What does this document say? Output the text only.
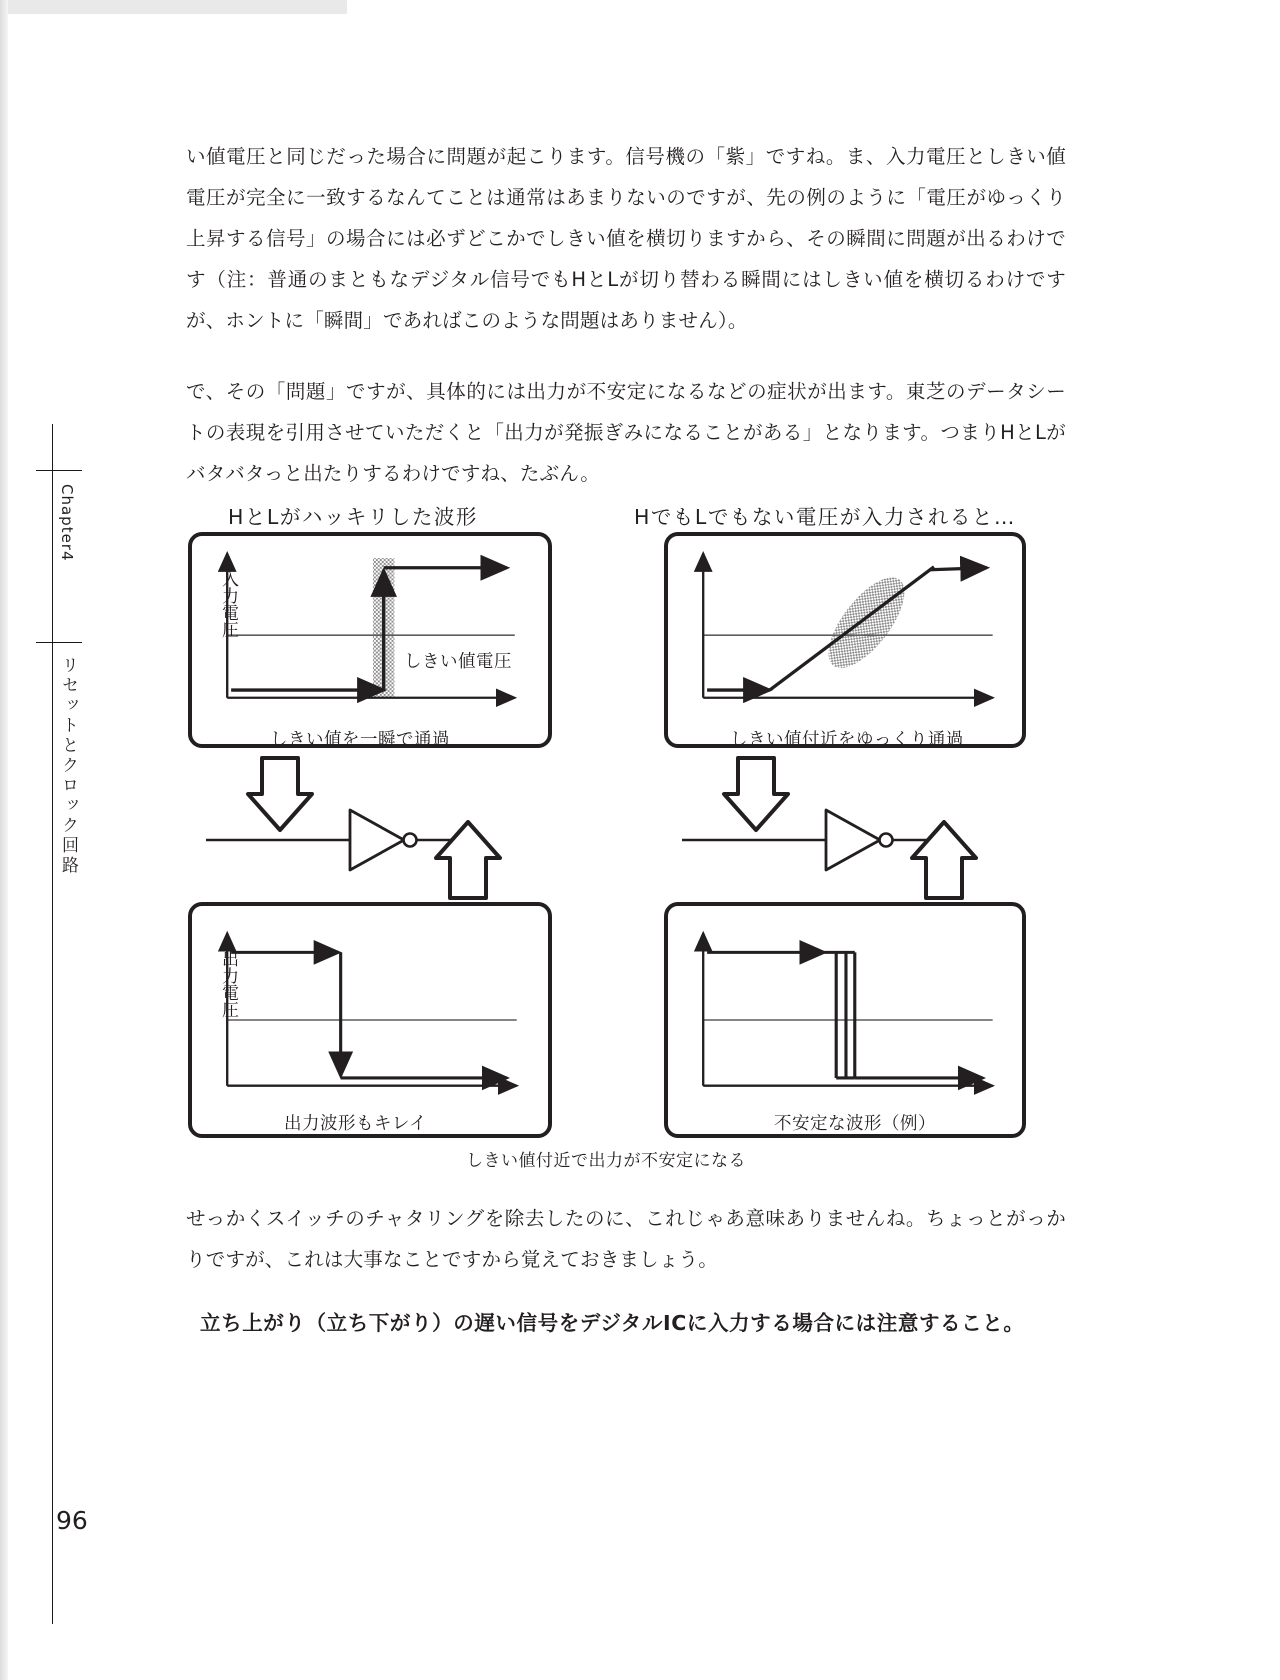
Chapter4
リセットとクロック回路
96

い値電圧と同じだった場合に問題が起こります。信号機の「紫」ですね。ま、入力電圧としきい値電圧が完全に一致するなんてことは通常はあまりないのですが、先の例のように「電圧がゆっくり上昇する信号」の場合には必ずどこかでしきい値を横切りますから、その瞬間に問題が出るわけです（注：普通のまともなデジタル信号でもHとLが切り替わる瞬間にはしきい値を横切るわけですが、ホントに「瞬間」であればこのような問題はありません）。

で、その「問題」ですが、具体的には出力が不安定になるなどの症状が出ます。東芝のデータシートの表現を引用させていただくと「出力が発振ぎみになることがある」となります。つまりHとLがバタバタっと出たりするわけですね、たぶん。

HとLがハッキリした波形	HでもLでもない電圧が入力されると…
入力電圧
しきい値電圧
しきい値を一瞬で通過	しきい値付近をゆっくり通過
出力電圧
出力波形もキレイ	不安定な波形（例）
しきい値付近で出力が不安定になる

せっかくスイッチのチャタリングを除去したのに、これじゃあ意味ありませんね。ちょっとがっかりですが、これは大事なことですから覚えておきましょう。

立ち上がり（立ち下がり）の遅い信号をデジタルICに入力する場合には注意すること。
